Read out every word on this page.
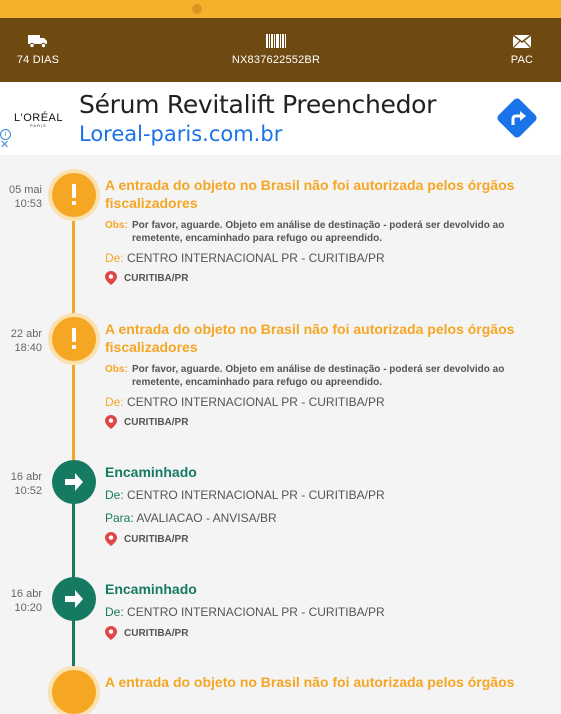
74 DIAS	NX837622552BR	PAC
L'ORÉAL
PARIS
i
✕
Sérum Revitalift Preenchedor
Loreal-paris.com.br
05 mai
10:53
A entrada do objeto no Brasil não foi autorizada pelos órgãos fiscalizadores
Obs: Por favor, aguarde. Objeto em análise de destinação - poderá ser devolvido ao remetente, encaminhado para refugo ou apreendido.
De: CENTRO INTERNACIONAL PR - CURITIBA/PR
CURITIBA/PR
22 abr
18:40
A entrada do objeto no Brasil não foi autorizada pelos órgãos fiscalizadores
Obs: Por favor, aguarde. Objeto em análise de destinação - poderá ser devolvido ao remetente, encaminhado para refugo ou apreendido.
De: CENTRO INTERNACIONAL PR - CURITIBA/PR
CURITIBA/PR
16 abr
10:52
Encaminhado
De: CENTRO INTERNACIONAL PR - CURITIBA/PR
Para: AVALIACAO - ANVISA/BR
CURITIBA/PR
16 abr
10:20
Encaminhado
De: CENTRO INTERNACIONAL PR - CURITIBA/PR
CURITIBA/PR
A entrada do objeto no Brasil não foi autorizada pelos órgãos
